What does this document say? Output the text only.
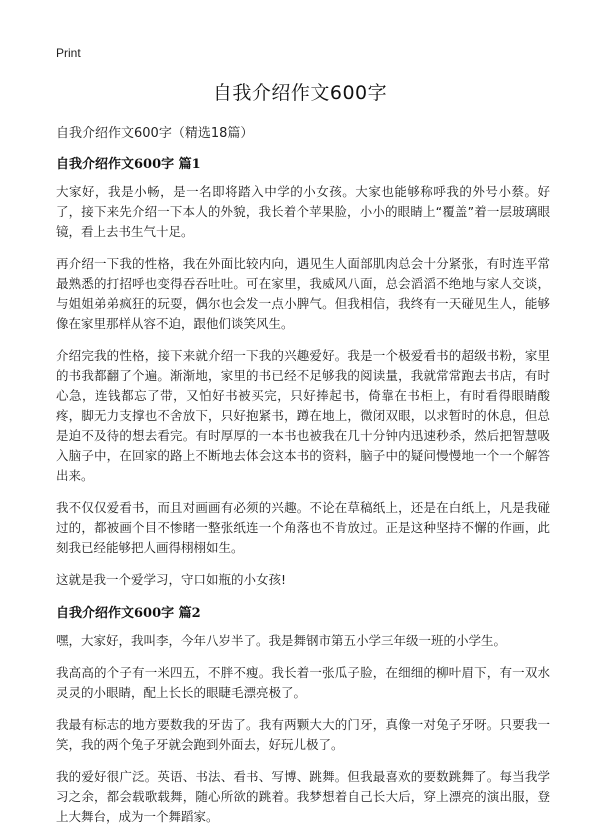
Print
自我介绍作文600字

自我介绍作文600字（精选18篇）

自我介绍作文600字 篇1

大家好，我是小畅，是一名即将踏入中学的小女孩。大家也能够称呼我的外号小蔡。好了，接下来先介绍一下本人的外貌，我长着个苹果脸，小小的眼睛上“覆盖”着一层玻璃眼镜，看上去书生气十足。

再介绍一下我的性格，我在外面比较内向，遇见生人面部肌肉总会十分紧张，有时连平常最熟悉的打招呼也变得吞吞吐吐。可在家里，我威风八面，总会滔滔不绝地与家人交谈，与姐姐弟弟疯狂的玩耍，偶尔也会发一点小脾气。但我相信，我终有一天碰见生人，能够像在家里那样从容不迫，跟他们谈笑风生。

介绍完我的性格，接下来就介绍一下我的兴趣爱好。我是一个极爱看书的超级书粉，家里的书我都翻了个遍。渐渐地，家里的书已经不足够我的阅读量，我就常常跑去书店，有时心急，连钱都忘了带，又怕好书被买完，只好捧起书，倚靠在书柜上，有时看得眼睛酸疼，脚无力支撑也不舍放下，只好抱紧书，蹲在地上，微闭双眼，以求暂时的休息，但总是迫不及待的想去看完。有时厚厚的一本书也被我在几十分钟内迅速秒杀，然后把智慧吸入脑子中，在回家的路上不断地去体会这本书的资料，脑子中的疑问慢慢地一个一个解答出来。

我不仅仅爱看书，而且对画画有必须的兴趣。不论在草稿纸上，还是在白纸上，凡是我碰过的，都被画个目不惨睹一整张纸连一个角落也不肯放过。正是这种坚持不懈的作画，此刻我已经能够把人画得栩栩如生。

这就是我一个爱学习，守口如瓶的小女孩!

自我介绍作文600字 篇2

嘿，大家好，我叫李，今年八岁半了。我是舞钢市第五小学三年级一班的小学生。

我高高的个子有一米四五，不胖不瘦。我长着一张瓜子脸，在细细的柳叶眉下，有一双水灵灵的小眼睛，配上长长的眼睫毛漂亮极了。

我最有标志的地方要数我的牙齿了。我有两颗大大的门牙，真像一对兔子牙呀。只要我一笑，我的两个兔子牙就会跑到外面去，好玩儿极了。

我的爱好很广泛。英语、书法、看书、写博、跳舞。但我最喜欢的要数跳舞了。每当我学习之余，都会载歌载舞，随心所欲的跳着。我梦想着自己长大后，穿上漂亮的演出服，登上大舞台，成为一个舞蹈家。
